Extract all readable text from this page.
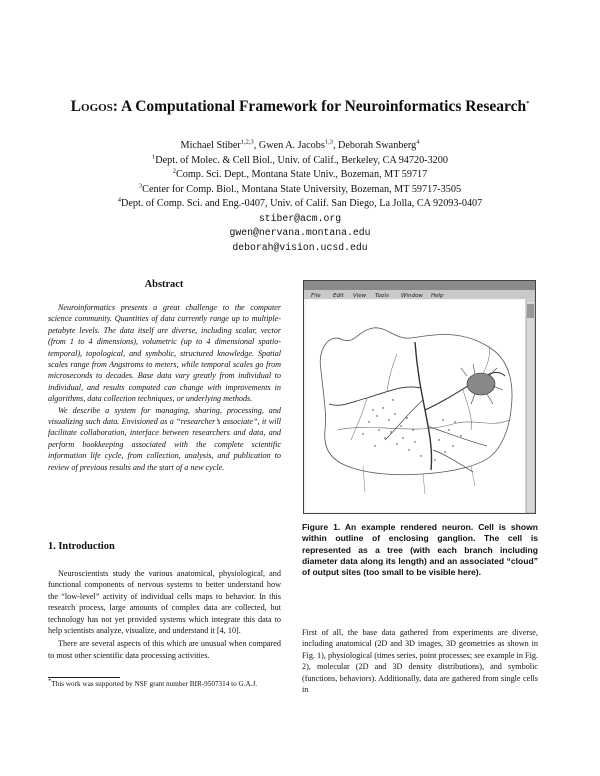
Logos: A Computational Framework for Neuroinformatics Research*
Michael Stiber$^{1,2,3}$, Gwen A. Jacobs$^{1,3}$, Deborah Swanberg$^4$
$^1$Dept. of Molec. & Cell Biol., Univ. of Calif., Berkeley, CA 94720-3200
$^2$Comp. Sci. Dept., Montana State Univ., Bozeman, MT 59717
$^3$Center for Comp. Biol., Montana State University, Bozeman, MT 59717-3505
$^4$Dept. of Comp. Sci. and Eng.-0407, Univ. of Calif. San Diego, La Jolla, CA 92093-0407
stiber@acm.org
gwen@nervana.montana.edu
deborah@vision.ucsd.edu
Abstract

Neuroinformatics presents a great challenge to the computer science community. Quantities of data currently range up to multiple-petabyte levels. The data itself are diverse, including scalar, vector (from 1 to 4 dimensions), volumetric (up to 4 dimensional spatio-temporal), topological, and symbolic, structured knowledge. Spatial scales range from Angstroms to meters, while temporal scales go from microseconds to decades. Base data vary greatly from individual to individual, and results computed can change with improvements in algorithms, data collection techniques, or underlying methods.

We describe a system for managing, sharing, processing, and visualizing such data. Envisioned as a “researcher’s associate”, it will facilitate collaboration, interface between researchers and data, and perform bookkeeping associated with the complete scientific information life cycle, from collection, analysis, and publication to review of previous results and the start of a new cycle.

1. Introduction

Neuroscientists study the various anatomical, physiological, and functional components of nervous systems to better understand how the “low-level” activity of individual cells maps to behavior. In this research process, large amounts of complex data are collected, but technology has not yet provided systems which integrate this data to help scientists analyze, visualize, and understand it [4, 10].

There are several aspects of this which are unusual when compared to most other scientific data processing activities.

*This work was supported by NSF grant number BIR-9507314 to G.A.J.
File Edit View Tools Window Help
Figure 1. An example rendered neuron. Cell is shown within outline of enclosing ganglion. The cell is represented as a tree (with each branch including diameter data along its length) and an associated “cloud” of output sites (too small to be visible here).

First of all, the base data gathered from experiments are diverse, including anatomical (2D and 3D images, 3D geometries as shown in Fig. 1), physiological (times series, point processes; see example in Fig. 2), molecular (2D and 3D density distributions), and symbolic (functions, behaviors). Additionally, data are gathered from single cells in
